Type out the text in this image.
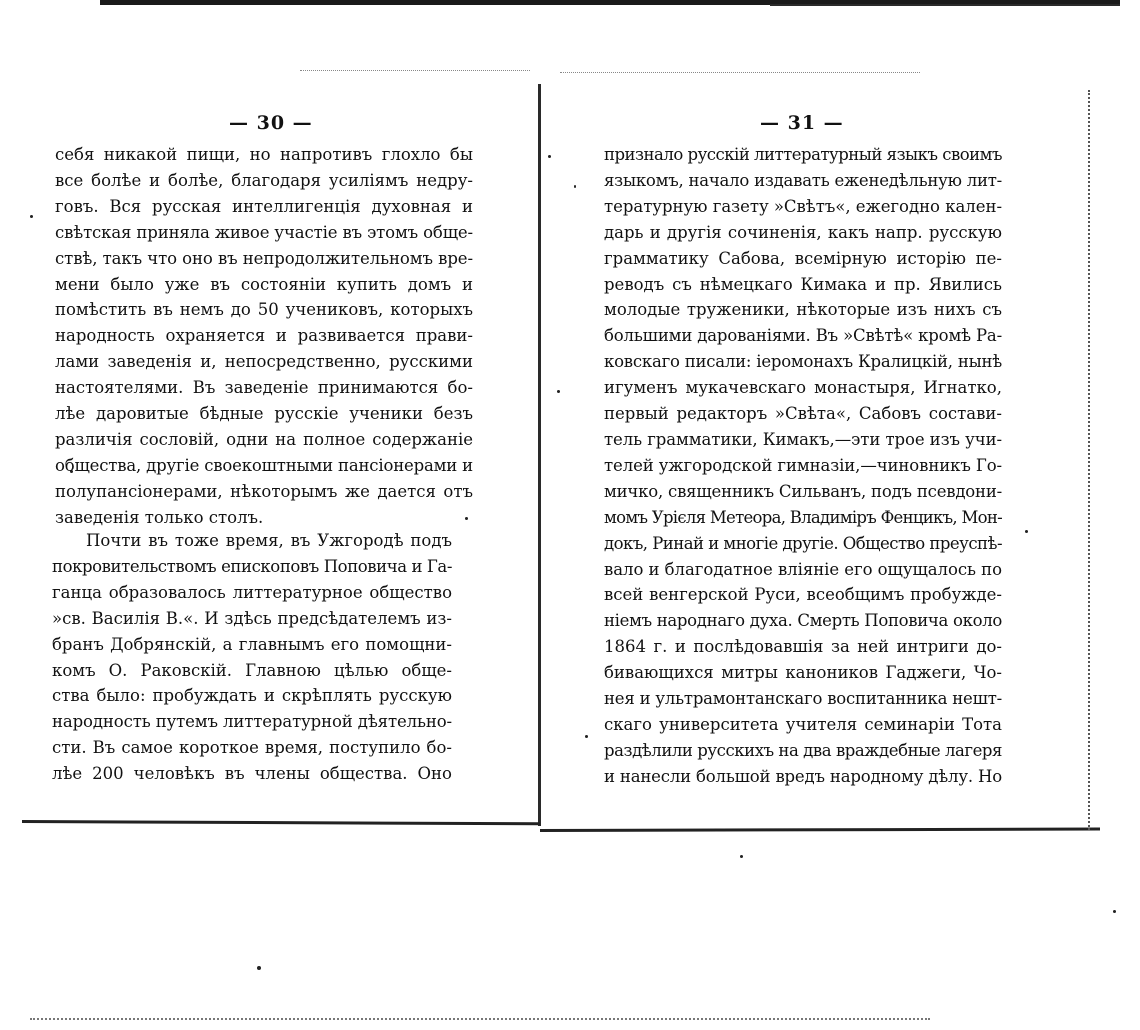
— 30 —	— 31 —
себя никакой пищи, но напротивъ глохло бы
все болѣе и болѣе, благодаря усиліямъ недру-
говъ. Вся русская интеллигенція духовная и
свѣтская приняла живое участіе въ этомъ обще-
ствѣ, такъ что оно въ непродолжительномъ вре-
мени было уже въ состояніи купить домъ и
помѣстить въ немъ до 50 учениковъ, которыхъ
народность охраняется и развивается прави-
лами заведенія и, непосредственно, русскими
настоятелями. Въ заведеніе принимаются бо-
лѣе даровитые бѣдные русскіе ученики безъ
различія сословій, одни на полное содержаніе
общества, другіе своекоштными пансіонерами и
полупансіонерами, нѣкоторымъ же дается отъ
заведенія только столъ.
Почти въ тоже время, въ Ужгородѣ подъ
покровительствомъ епископовъ Поповича и Га-
ганца образовалось литтературное общество
»св. Василія В.«. И здѣсь предсѣдателемъ из-
бранъ Добрянскій, а главнымъ его помощни-
комъ О. Раковскій. Главною цѣлью обще-
ства было: пробуждать и скрѣплять русскую
народность путемъ литтературной дѣятельно-
сти. Въ самое короткое время, поступило бо-
лѣе 200 человѣкъ въ члены общества. Оно
признало русскій литтературный языкъ своимъ
языкомъ, начало издавать еженедѣльную лит-
тературную газету »Свѣтъ«, ежегодно кален-
дарь и другія сочиненія, какъ напр. русскую
грамматику Сабова, всемірную исторію пе-
реводъ съ нѣмецкаго Кимака и пр. Явились
молодые труженики, нѣкоторые изъ нихъ съ
большими дарованіями. Въ »Свѣтѣ« кромѣ Ра-
ковскаго писали: іеромонахъ Кралицкій, нынѣ
игуменъ мукачевскаго монастыря, Игнатко,
первый редакторъ »Свѣта«, Сабовъ состави-
тель грамматики, Кимакъ,—эти трое изъ учи-
телей ужгородской гимназіи,—чиновникъ Го-
мичко, священникъ Сильванъ, подъ псевдони-
момъ Урієля Метеора, Владиміръ Фенцикъ, Мон-
докъ, Ринай и многіе другіе. Общество преуспѣ-
вало и благодатное вліяніе его ощущалось по
всей венгерской Руси, всеобщимъ пробужде-
ніемъ народнаго духа. Смерть Поповича около
1864 г. и послѣдовавшія за ней интриги до-
бивающихся митры каноников Гаджеги, Чо-
нея и ультрамонтанскаго воспитанника нешт-
скаго университета учителя семинаріи Тота
раздѣлили русскихъ на два враждебные лагеря
и нанесли большой вредъ народному дѣлу. Но
